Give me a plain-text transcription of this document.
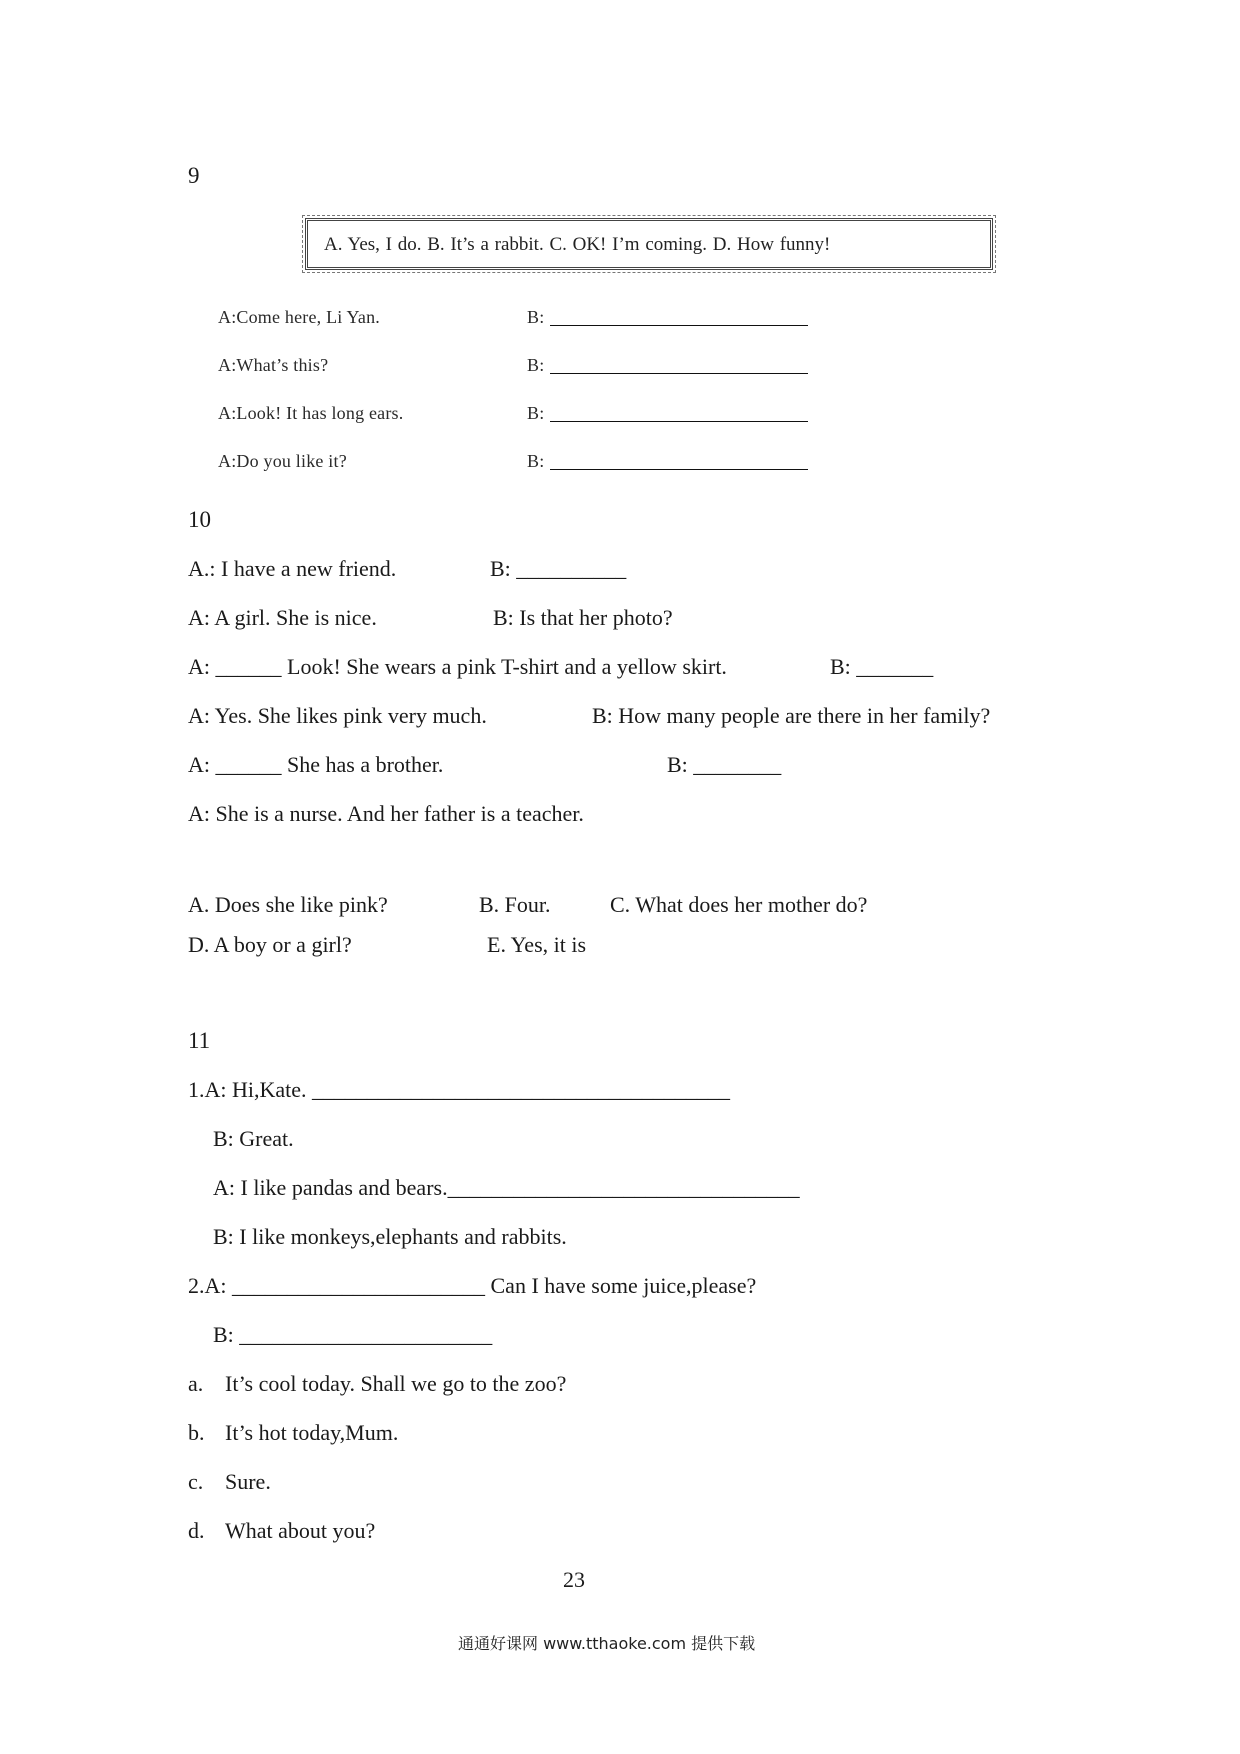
9
A. Yes, I do. B. It’s a rabbit. C. OK! I’m coming. D. How funny!
A:Come here, Li Yan.	B:
A:What’s this?	B:
A:Look! It has long ears.	B:
A:Do you like it?	B:
10
A.: I have a new friend.	B: __________
A: A girl. She is nice.	B: Is that her photo?
A: ______ Look! She wears a pink T-shirt and a yellow skirt.	B: _______
A: Yes. She likes pink very much.	B: How many people are there in her family?
A: ______ She has a brother.	B: ________
A: She is a nurse. And her father is a teacher.
A. Does she like pink?	B. Four.	C. What does her mother do?
D. A boy or a girl?	E. Yes, it is
11
1.A: Hi,Kate. ______________________________________
B: Great.
A: I like pandas and bears.________________________________
B: I like monkeys,elephants and rabbits.
2.A: _______________________ Can I have some juice,please?
B: _______________________
a. It’s cool today. Shall we go to the zoo?
b. It’s hot today,Mum.
c. Sure.
d. What about you?
23
通通好课网 www.tthaoke.com 提供下载
